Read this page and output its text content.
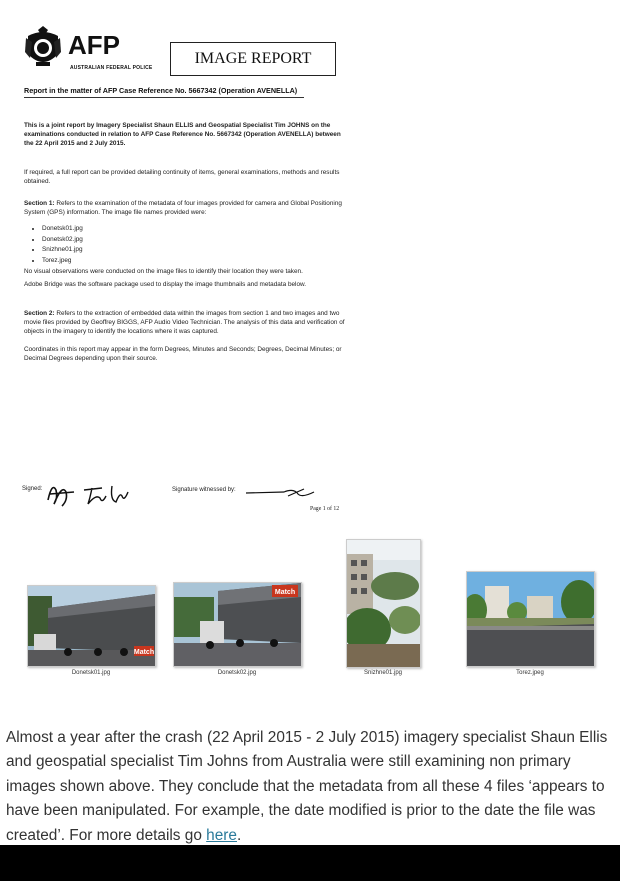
AFP
AUSTRALIAN FEDERAL POLICE
IMAGE REPORT
Report in the matter of AFP Case Reference No. 5667342 (Operation AVENELLA)
This is a joint report by Imagery Specialist Shaun ELLIS and Geospatial Specialist Tim JOHNS on the examinations conducted in relation to AFP Case Reference No. 5667342 (Operation AVENELLA) between the 22 April 2015 and 2 July 2015.
If required, a full report can be provided detailing continuity of items, general examinations, methods and results obtained.
Section 1: Refers to the examination of the metadata of four images provided for camera and Global Positioning System (GPS) information. The image file names provided were:
• Donetsk01.jpg
• Donetsk02.jpg
• Snizhne01.jpg
• Torez.jpeg
No visual observations were conducted on the image files to identify their location they were taken.
Adobe Bridge was the software package used to display the image thumbnails and metadata below.
Section 2: Refers to the extraction of embedded data within the images from section 1 and two images and two movie files provided by Geoffrey BIGGS, AFP Audio Video Technician. The analysis of this data and verification of objects in the imagery to identify the locations where it was captured.
Coordinates in this report may appear in the form Degrees, Minutes and Seconds; Degrees, Decimal Minutes; or Decimal Degrees depending upon their source.
Signed:	Signature witnessed by:
Page 1 of 12
Match
Donetsk01.jpg
Match
Donetsk02.jpg	Snizhne01.jpg	Torez.jpeg
Almost a year after the crash (22 April 2015 - 2 July 2015) imagery specialist Shaun Ellis and geospatial specialist Tim Johns from Australia were still examining non primary images shown above. They conclude that the metadata from all these 4 files ‘appears to have been manipulated. For example, the date modified is prior to the date the file was created’. For more details go here.
